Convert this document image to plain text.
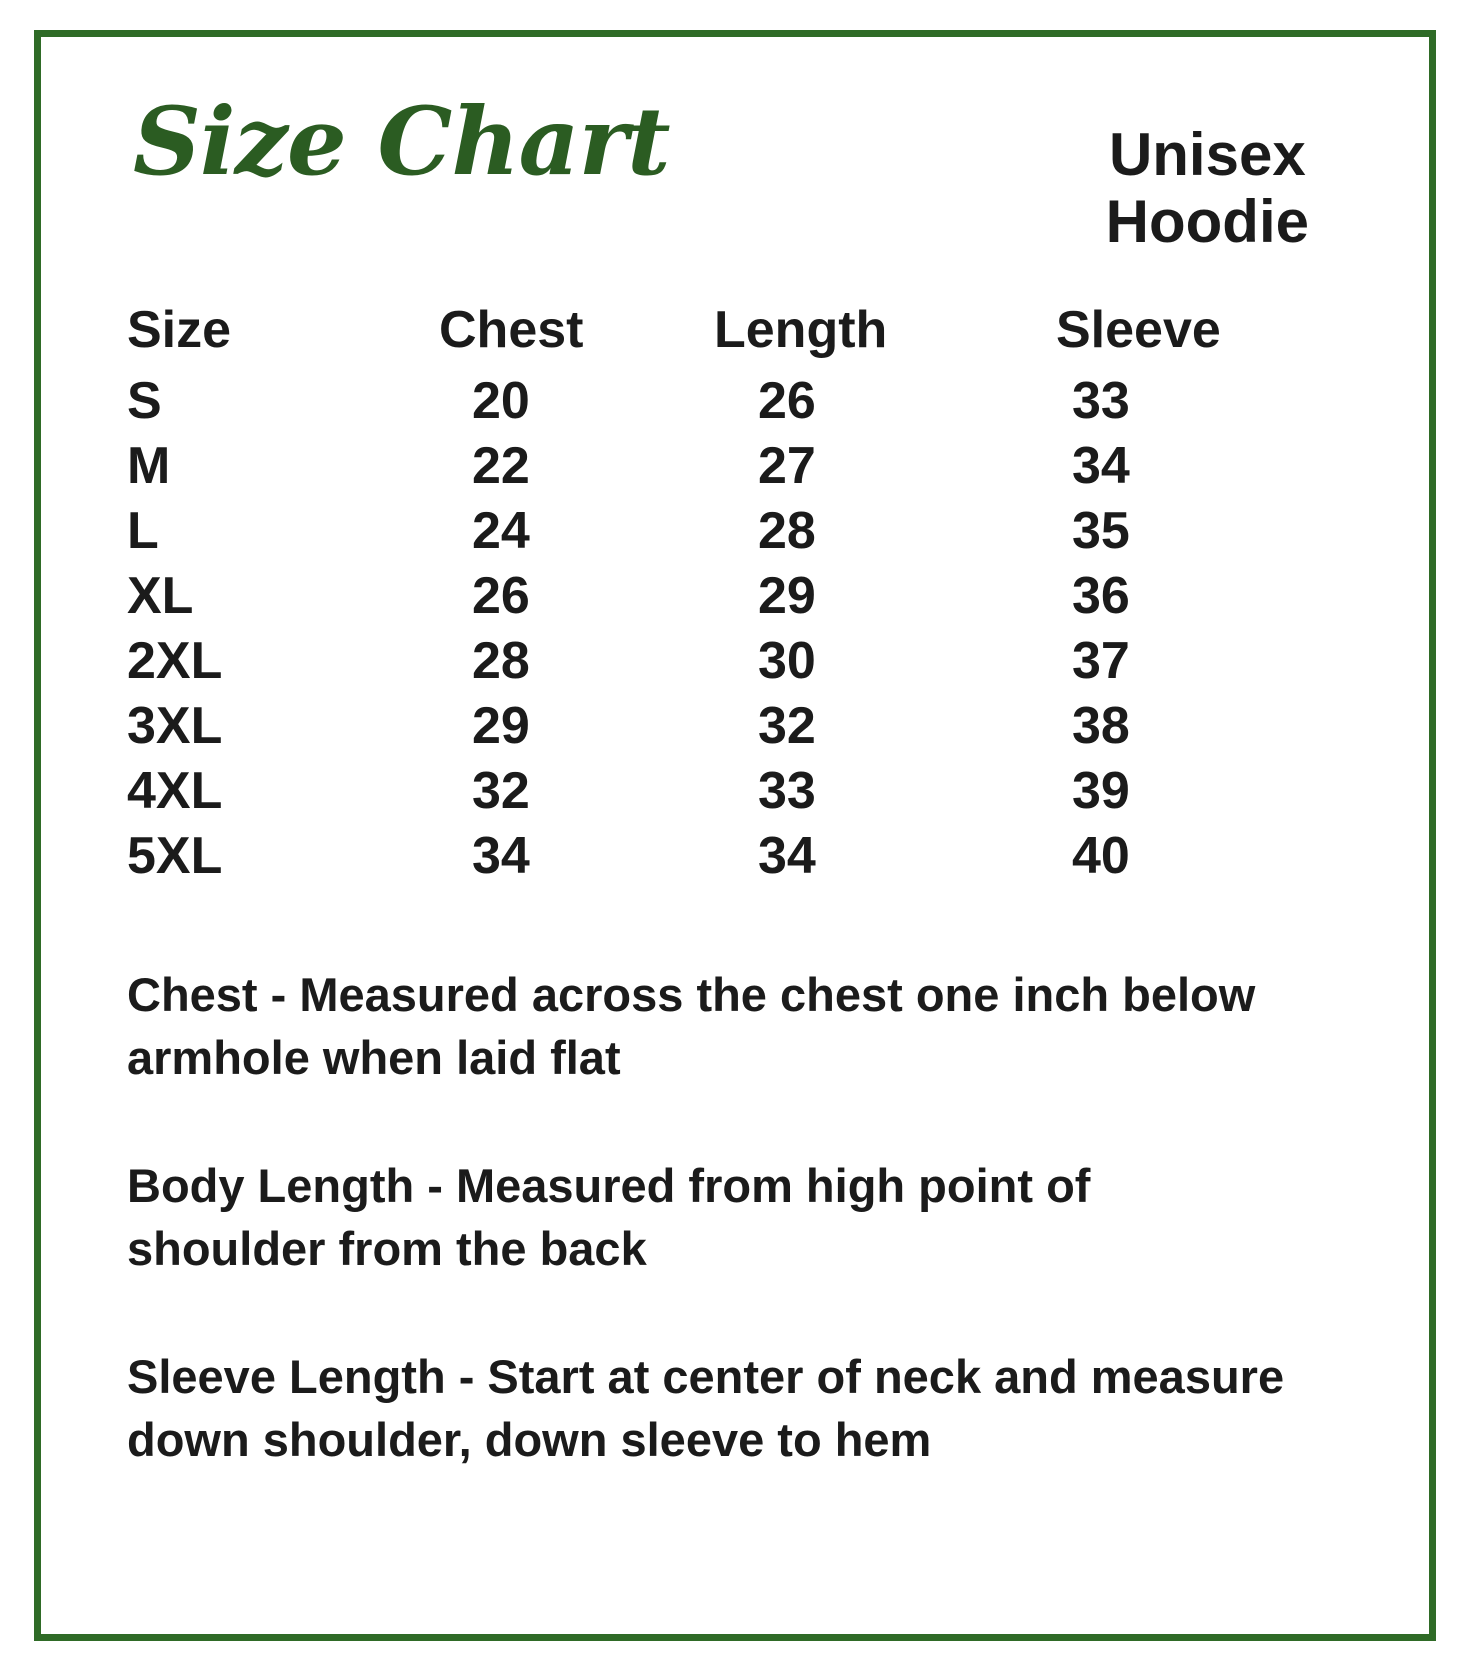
Size Chart	Unisex
Hoodie
Size	Chest	Length	Sleeve
S	20	26	33
M	22	27	34
L	24	28	35
XL	26	29	36
2XL	28	30	37
3XL	29	32	38
4XL	32	33	39
5XL	34	34	40
Chest - Measured across the chest one inch below armhole when laid flat
Body Length - Measured from high point of shoulder from the back
Sleeve Length - Start at center of neck and measure down shoulder, down sleeve to hem
